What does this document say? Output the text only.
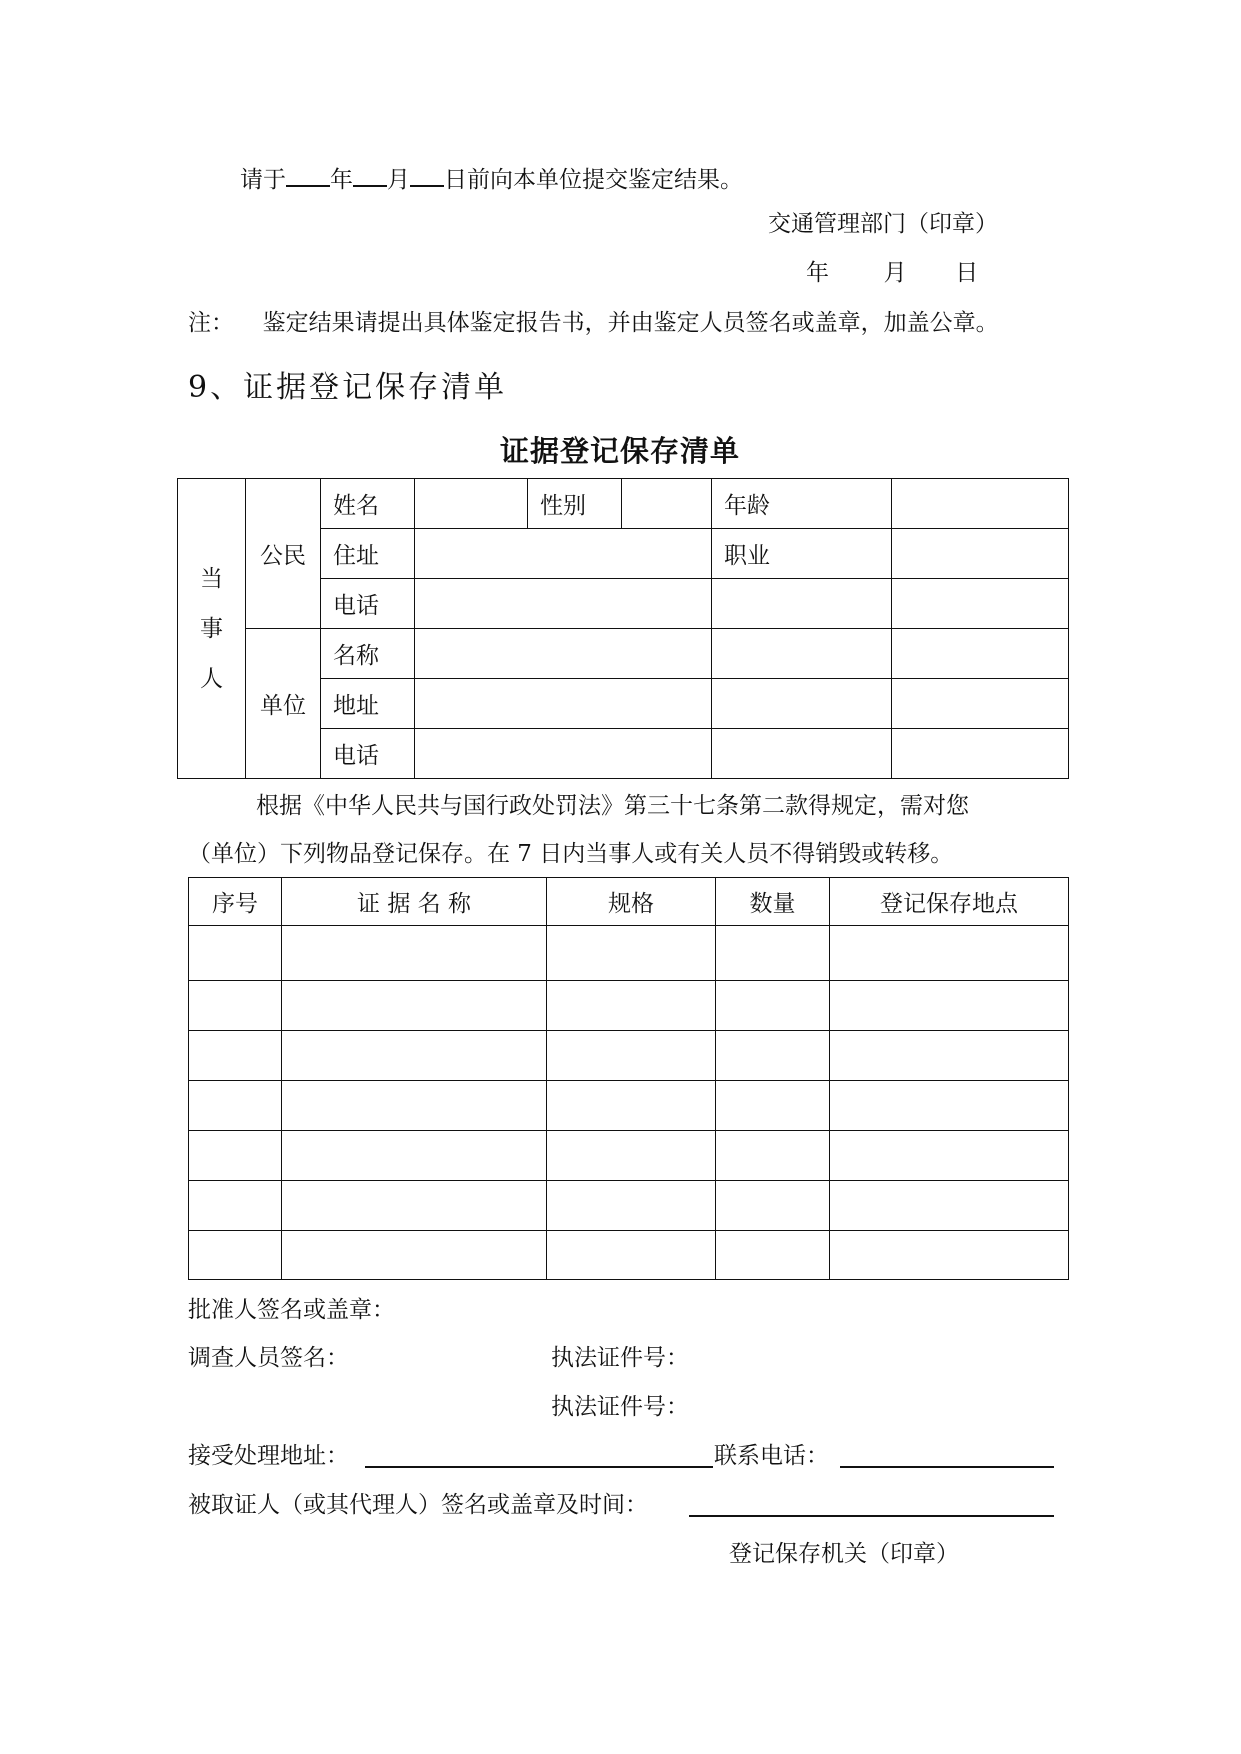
请于 年 月 日前向本单位提交鉴定结果。
交通管理部门（印章）
年 月 日
注： 鉴定结果请提出具体鉴定报告书，并由鉴定人员签名或盖章，加盖公章。
9、证据登记保存清单
证据登记保存清单
当事人	公民	姓名		性别		年龄	
		住址				职业	
		电话					
	单位	名称					
		地址					
		电话					
根据《中华人民共与国行政处罚法》第三十七条第二款得规定，需对您
（单位）下列物品登记保存。在 7 日内当事人或有关人员不得销毁或转移。
序号	证 据 名 称	规格	数量	登记保存地点

批准人签名或盖章：
调查人员签名：	执法证件号：
执法证件号：
接受处理地址：	联系电话：
被取证人（或其代理人）签名或盖章及时间：
登记保存机关（印章）
